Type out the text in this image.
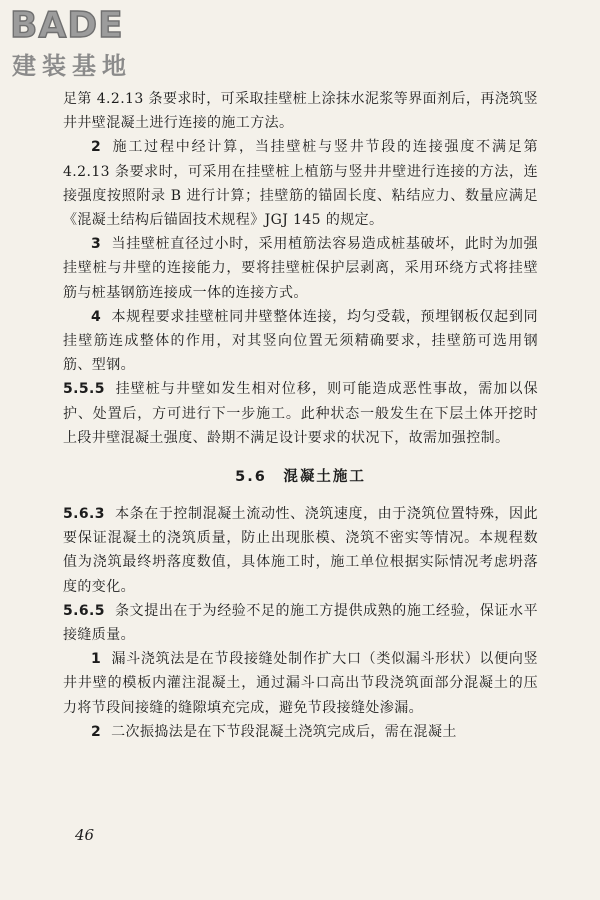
BADE
建装基地

足第 4.2.13 条要求时，可采取挂壁桩上涂抹水泥浆等界面剂后，再浇筑竖井井壁混凝土进行连接的施工方法。

2 施工过程中经计算，当挂壁桩与竖井节段的连接强度不满足第 4.2.13 条要求时，可采用在挂壁桩上植筋与竖井井壁进行连接的方法，连接强度按照附录 B 进行计算；挂壁筋的锚固长度、粘结应力、数量应满足《混凝土结构后锚固技术规程》JGJ 145 的规定。

3 当挂壁桩直径过小时，采用植筋法容易造成桩基破坏，此时为加强挂壁桩与井壁的连接能力，要将挂壁桩保护层剥离，采用环绕方式将挂壁筋与桩基钢筋连接成一体的连接方式。

4 本规程要求挂壁桩同井壁整体连接，均匀受载，预埋钢板仅起到同挂壁筋连成整体的作用，对其竖向位置无须精确要求，挂壁筋可选用钢筋、型钢。

5.5.5 挂壁桩与井壁如发生相对位移，则可能造成恶性事故，需加以保护、处置后，方可进行下一步施工。此种状态一般发生在下层土体开挖时上段井壁混凝土强度、龄期不满足设计要求的状况下，故需加强控制。

5.6　混凝土施工

5.6.3 本条在于控制混凝土流动性、浇筑速度，由于浇筑位置特殊，因此要保证混凝土的浇筑质量，防止出现胀模、浇筑不密实等情况。本规程数值为浇筑最终坍落度数值，具体施工时，施工单位根据实际情况考虑坍落度的变化。

5.6.5 条文提出在于为经验不足的施工方提供成熟的施工经验，保证水平接缝质量。

1 漏斗浇筑法是在节段接缝处制作扩大口（类似漏斗形状）以便向竖井井壁的模板内灌注混凝土，通过漏斗口高出节段浇筑面部分混凝土的压力将节段间接缝的缝隙填充完成，避免节段接缝处渗漏。

2 二次振捣法是在下节段混凝土浇筑完成后，需在混凝土

46
